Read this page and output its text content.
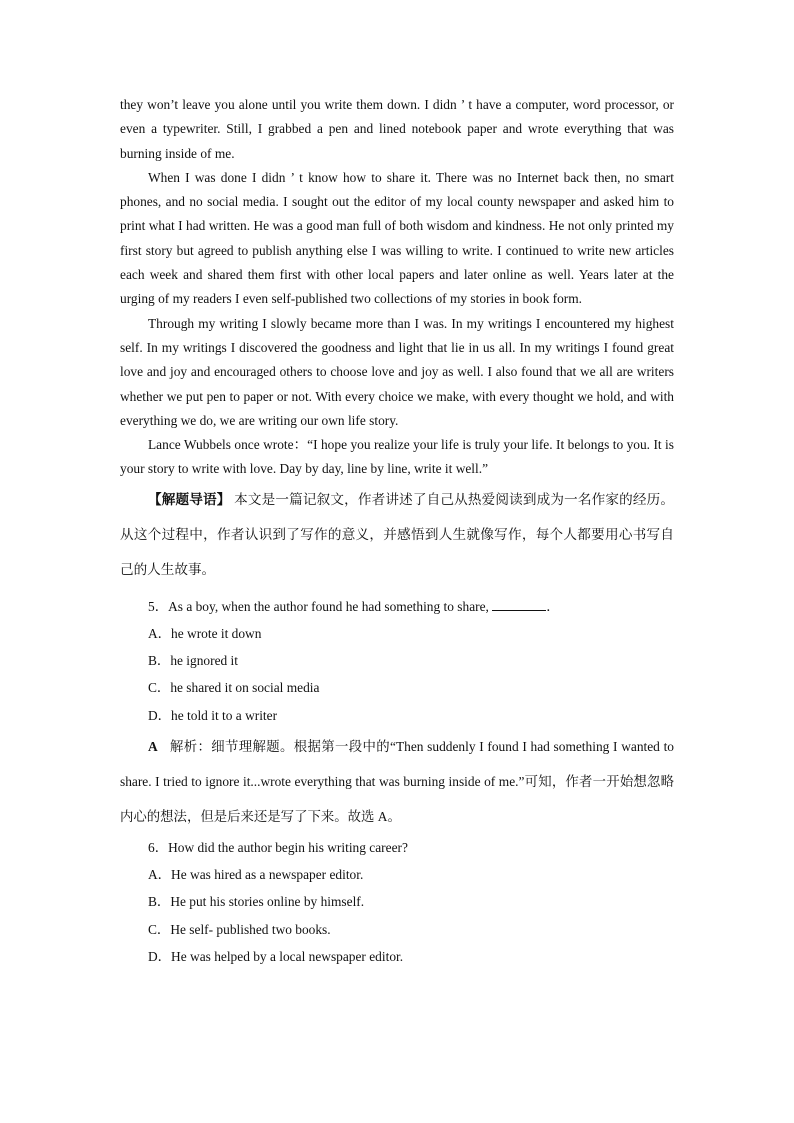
they won’t leave you alone until you write them down. I didn ’ t have a computer, word processor, or even a typewriter. Still, I grabbed a pen and lined notebook paper and wrote everything that was burning inside of me.

When I was done I didn ’ t know how to share it. There was no Internet back then, no smart phones, and no social media. I sought out the editor of my local county newspaper and asked him to print what I had written. He was a good man full of both wisdom and kindness. He not only printed my first story but agreed to publish anything else I was willing to write. I continued to write new articles each week and shared them first with other local papers and later online as well. Years later at the urging of my readers I even self-published two collections of my stories in book form.

Through my writing I slowly became more than I was. In my writings I encountered my highest self. In my writings I discovered the goodness and light that lie in us all. In my writings I found great love and joy and encouraged others to choose love and joy as well. I also found that we all are writers whether we put pen to paper or not. With every choice we make, with every thought we hold, and with everything we do, we are writing our own life story.

Lance Wubbels once wrote：“I hope you realize your life is truly your life. It belongs to you. It is your story to write with love. Day by day, line by line, write it well.”

【解题导语】 本文是一篇记叙文，作者讲述了自己从热爱阅读到成为一名作家的经历。从这个过程中，作者认识到了写作的意义，并感悟到人生就像写作，每个人都要用心书写自己的人生故事。

5．As a boy, when the author found he had something to share,	．

A．he wrote it down

B．he ignored it

C．he shared it on social media

D．he told it to a writer

A 解析：细节理解题。根据第一段中的“Then suddenly I found I had something I wanted to share. I tried to ignore it...wrote everything that was burning inside of me.”可知，作者一开始想忽略内心的想法，但是后来还是写了下来。故选 A。

6．How did the author begin his writing career?

A．He was hired as a newspaper editor.

B．He put his stories online by himself.

C．He self- published two books.

D．He was helped by a local newspaper editor.
